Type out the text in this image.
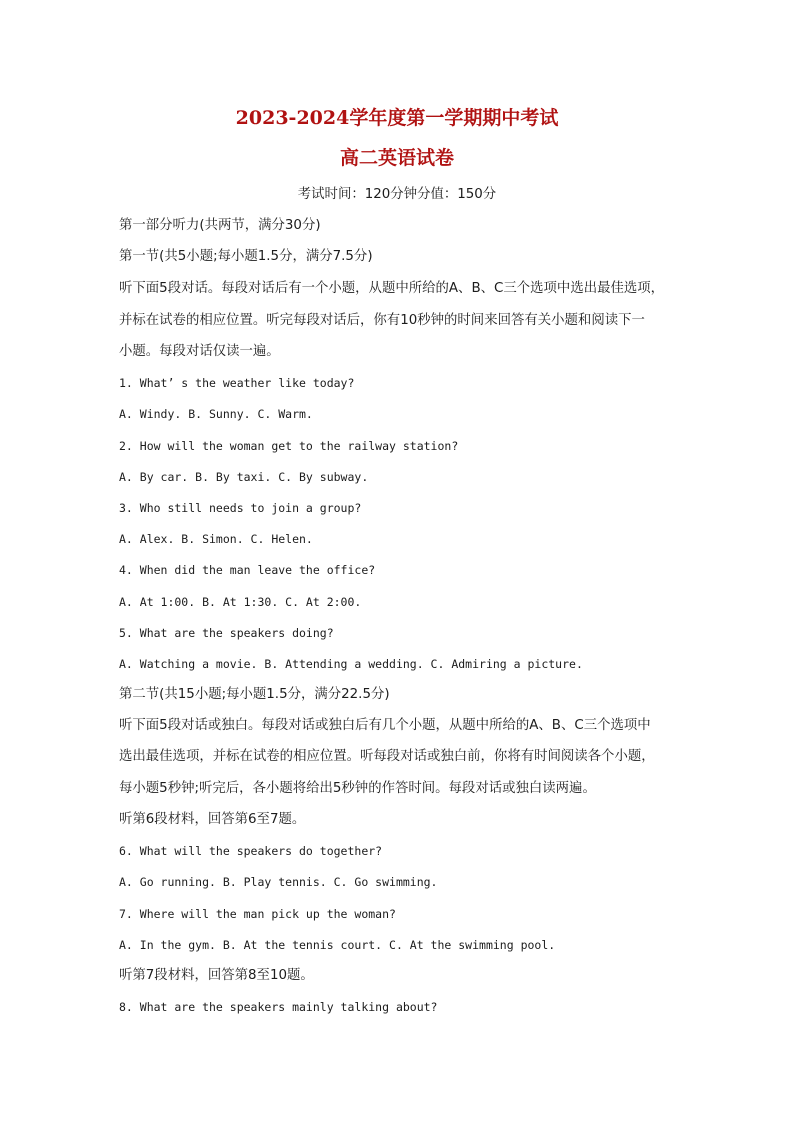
2023-2024学年度第一学期期中考试
高二英语试卷
考试时间：120分钟分值：150分
第一部分听力(共两节，满分30分)
第一节(共5小题;每小题1.5分，满分7.5分)
听下面5段对话。每段对话后有一个小题，从题中所给的A、B、C三个选项中选出最佳选项，
并标在试卷的相应位置。听完每段对话后，你有10秒钟的时间来回答有关小题和阅读下一
小题。每段对话仅读一遍。
1. What’ s the weather like today?
A. Windy. B. Sunny. C. Warm.
2. How will the woman get to the railway station?
A. By car. B. By taxi. C. By subway.
3. Who still needs to join a group?
A. Alex. B. Simon. C. Helen.
4. When did the man leave the office?
A. At 1:00. B. At 1:30. C. At 2:00.
5. What are the speakers doing?
A. Watching a movie. B. Attending a wedding. C. Admiring a picture.
第二节(共15小题;每小题1.5分，满分22.5分)
听下面5段对话或独白。每段对话或独白后有几个小题，从题中所给的A、B、C三个选项中
选出最佳选项，并标在试卷的相应位置。听每段对话或独白前，你将有时间阅读各个小题，
每小题5秒钟;听完后，各小题将给出5秒钟的作答时间。每段对话或独白读两遍。
听第6段材料，回答第6至7题。
6. What will the speakers do together?
A. Go running. B. Play tennis. C. Go swimming.
7. Where will the man pick up the woman?
A. In the gym. B. At the tennis court. C. At the swimming pool.
听第7段材料，回答第8至10题。
8. What are the speakers mainly talking about?
